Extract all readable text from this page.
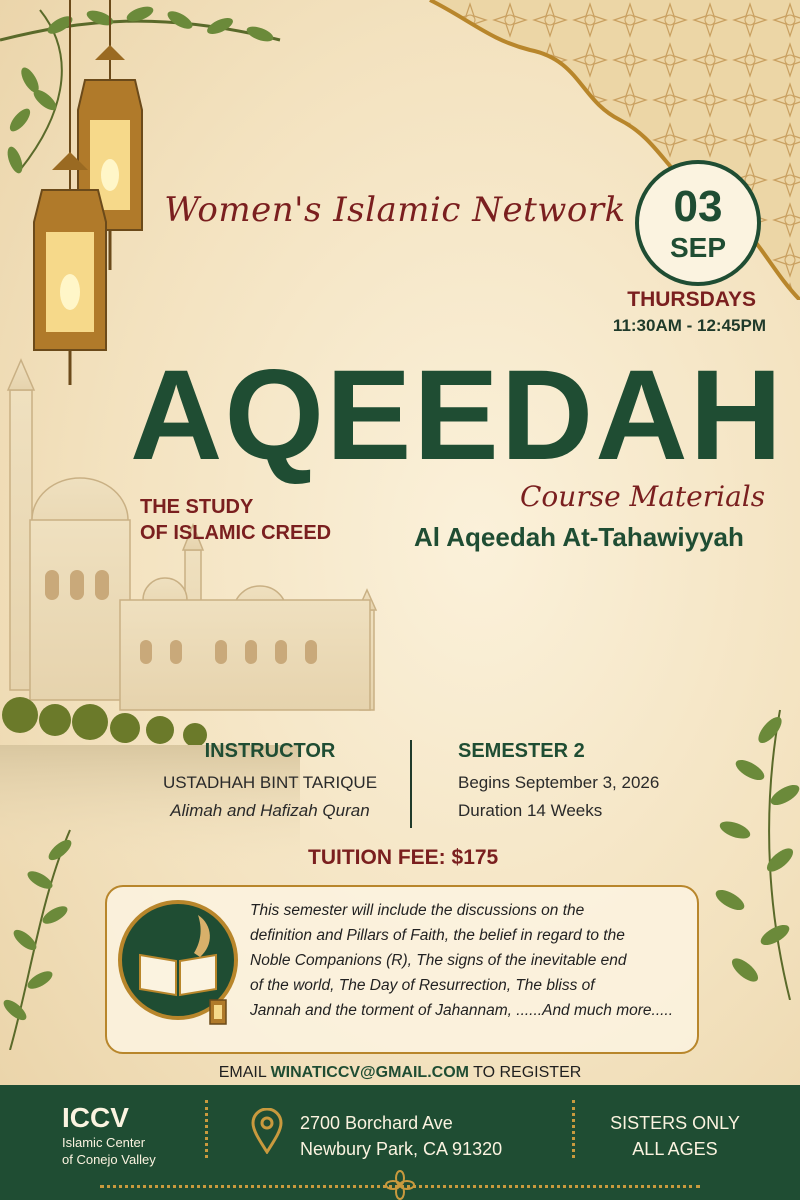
Women's Islamic Network	03
SEP
THURSDAYS
11:30AM - 12:45PM
AQEEDAH
THE STUDY
OF ISLAMIC CREED
Course Materials
Al Aqeedah At-Tahawiyyah
INSTRUCTOR
USTADHAH BINT TARIQUE
Alimah and Hafizah Quran
SEMESTER 2
Begins September 3, 2026
Duration 14 Weeks
TUITION FEE: $175
This semester will include the discussions on the
definition and Pillars of Faith, the belief in regard to the
Noble Companions (R), The signs of the inevitable end
of the world, The Day of Resurrection, The bliss of
Jannah and the torment of Jahannam, ......And much more.....
EMAIL WINATICCV@GMAIL.COM TO REGISTER
ICCV
Islamic Center
of Conejo Valley
2700 Borchard Ave
Newbury Park, CA 91320
SISTERS ONLY
ALL AGES
